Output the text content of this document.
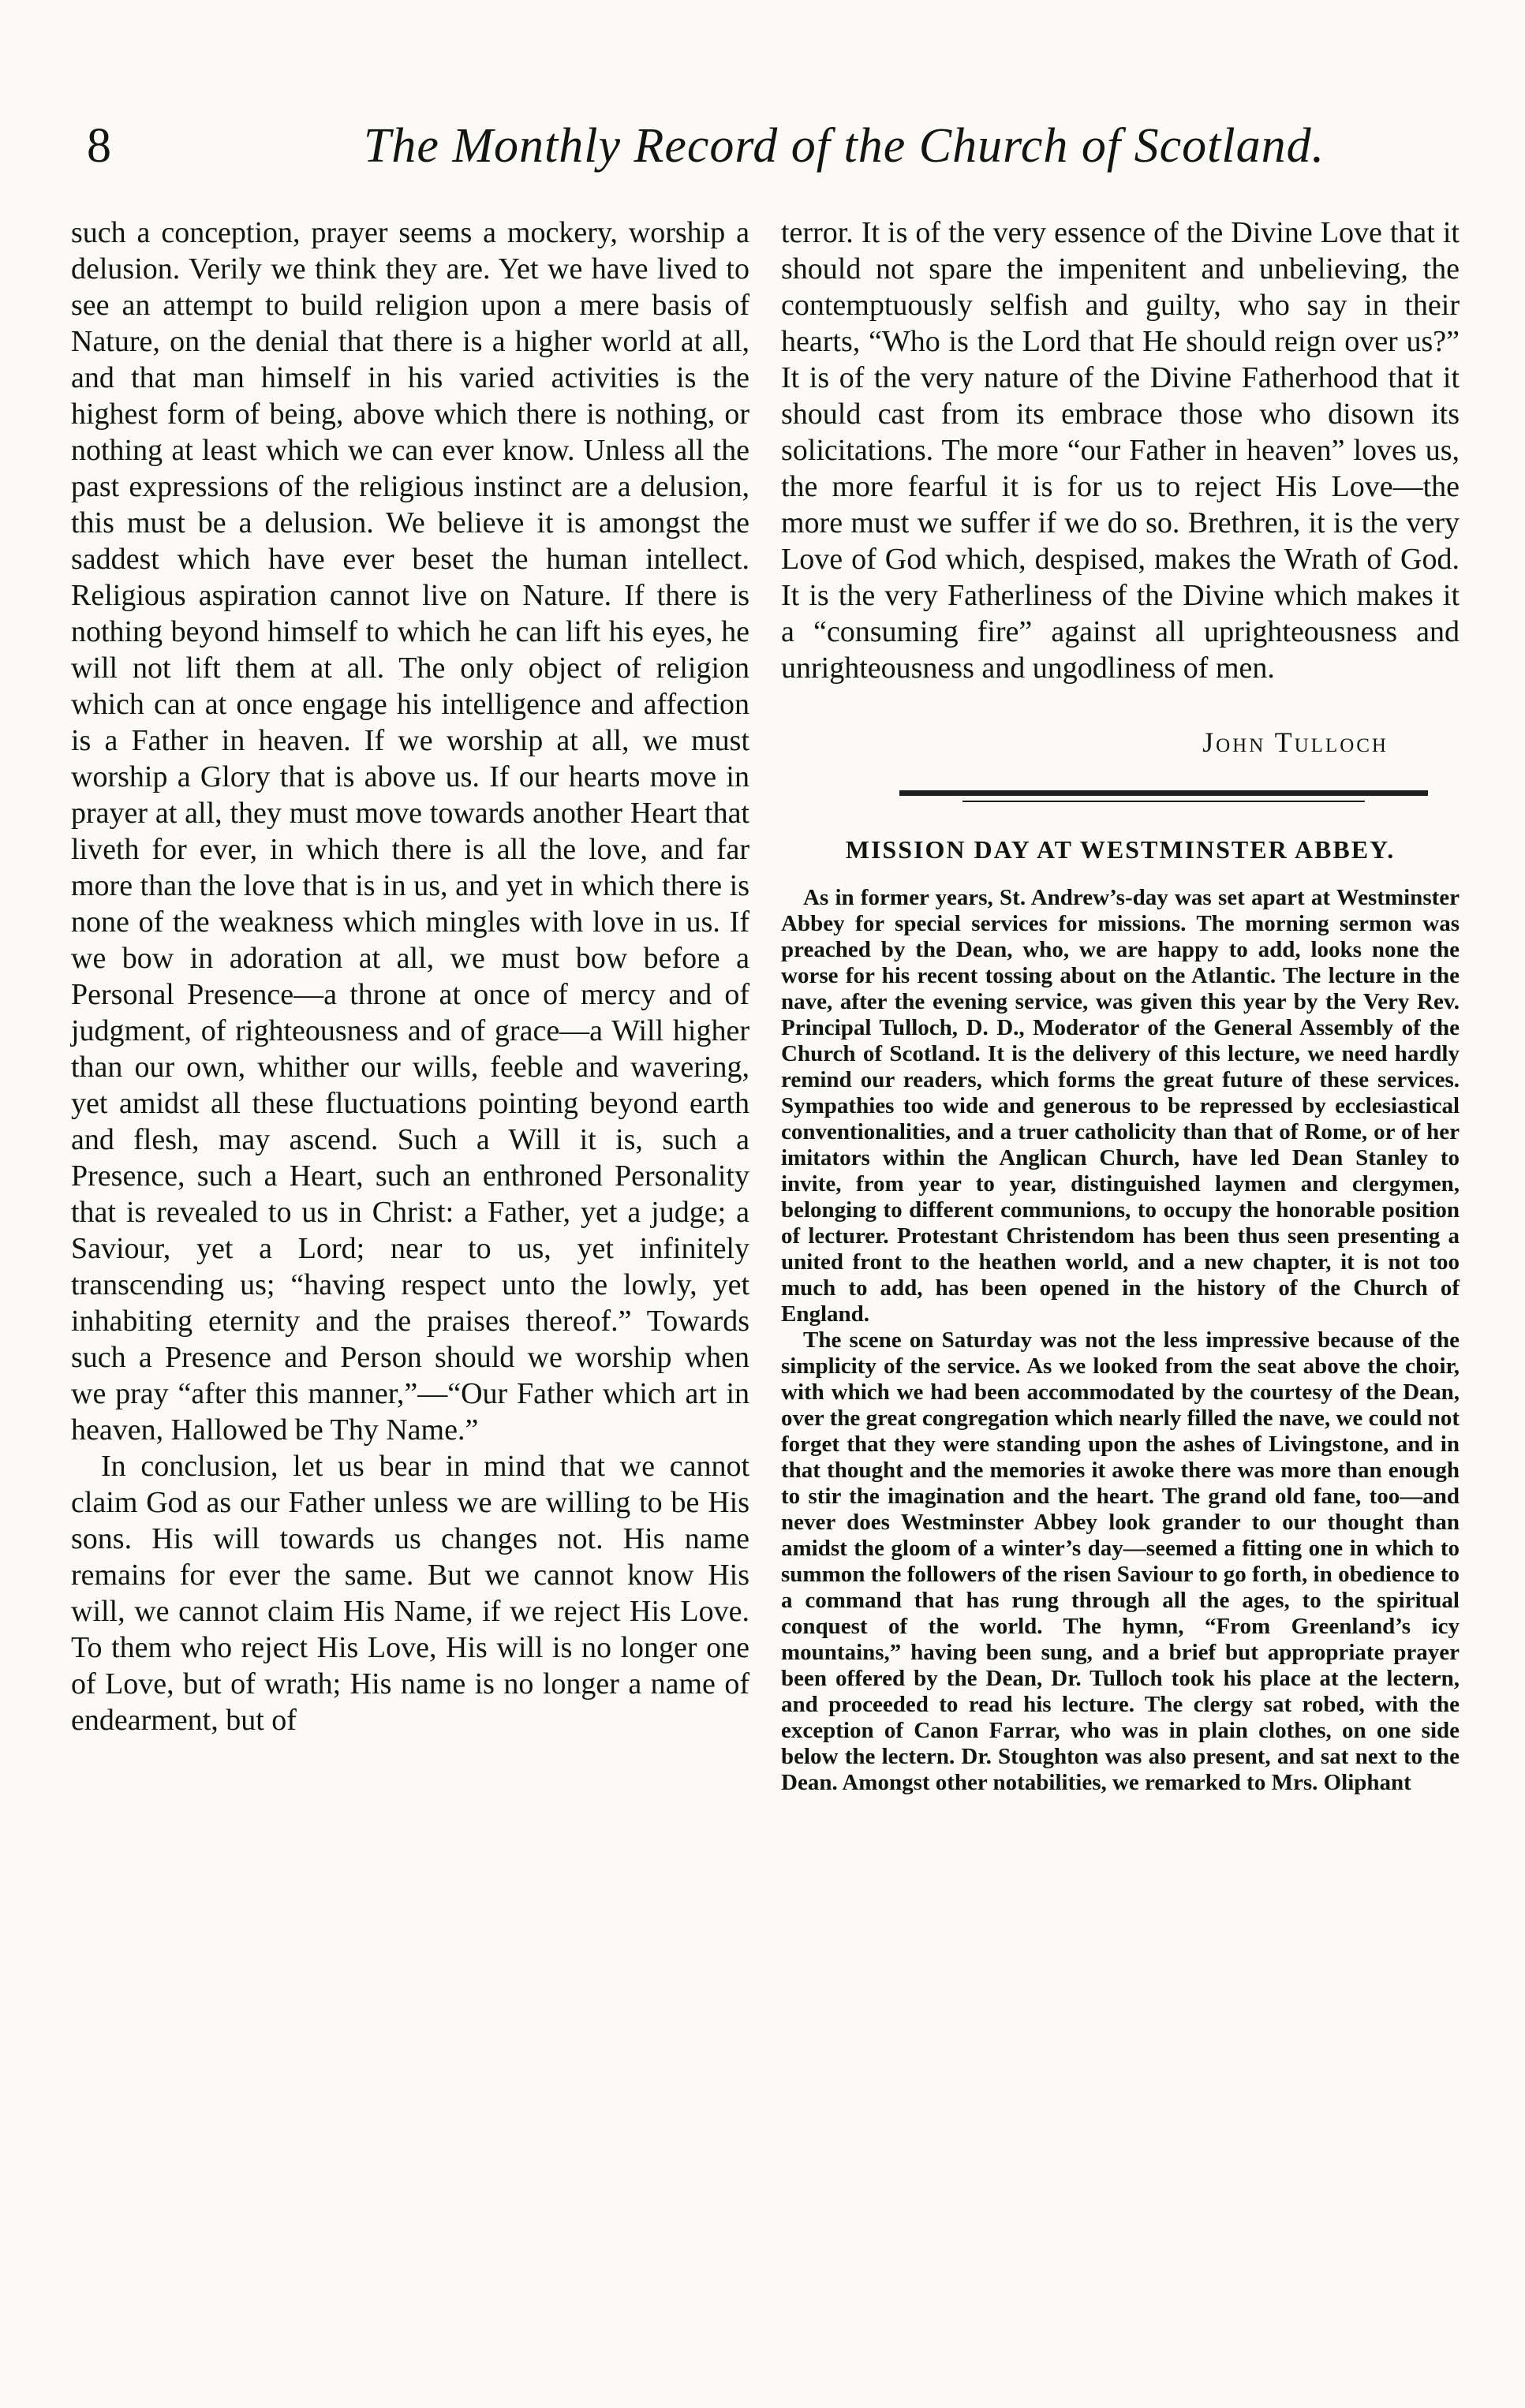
8	The Monthly Record of the Church of Scotland.

such a conception, prayer seems a mockery, worship a delusion. Verily we think they are. Yet we have lived to see an attempt to build religion upon a mere basis of Nature, on the denial that there is a higher world at all, and that man himself in his varied activities is the highest form of being, above which there is nothing, or nothing at least which we can ever know. Unless all the past expressions of the religious instinct are a delusion, this must be a delusion. We believe it is amongst the saddest which have ever beset the human intellect. Religious aspiration cannot live on Nature. If there is nothing beyond himself to which he can lift his eyes, he will not lift them at all. The only object of religion which can at once engage his intelligence and affection is a Father in heaven. If we worship at all, we must worship a Glory that is above us. If our hearts move in prayer at all, they must move towards another Heart that liveth for ever, in which there is all the love, and far more than the love that is in us, and yet in which there is none of the weakness which mingles with love in us. If we bow in adoration at all, we must bow before a Personal Presence—a throne at once of mercy and of judgment, of righteousness and of grace—a Will higher than our own, whither our wills, feeble and wavering, yet amidst all these fluctuations pointing beyond earth and flesh, may ascend. Such a Will it is, such a Presence, such a Heart, such an enthroned Personality that is revealed to us in Christ: a Father, yet a judge; a Saviour, yet a Lord; near to us, yet infinitely transcending us; “having respect unto the lowly, yet inhabiting eternity and the praises thereof.” Towards such a Presence and Person should we worship when we pray “after this manner,”—“Our Father which art in heaven, Hallowed be Thy Name.”

In conclusion, let us bear in mind that we cannot claim God as our Father unless we are willing to be His sons. His will towards us changes not. His name remains for ever the same. But we cannot know His will, we cannot claim His Name, if we reject His Love. To them who reject His Love, His will is no longer one of Love, but of wrath; His name is no longer a name of endearment, but of

terror. It is of the very essence of the Divine Love that it should not spare the impenitent and unbelieving, the contemptuously selfish and guilty, who say in their hearts, “Who is the Lord that He should reign over us?” It is of the very nature of the Divine Fatherhood that it should cast from its embrace those who disown its solicitations. The more “our Father in heaven” loves us, the more fearful it is for us to reject His Love—the more must we suffer if we do so. Brethren, it is the very Love of God which, despised, makes the Wrath of God. It is the very Fatherliness of the Divine which makes it a “consuming fire” against all uprighteousness and unrighteousness and ungodliness of men.

John Tulloch
MISSION DAY AT WESTMINSTER ABBEY.

As in former years, St. Andrew’s-day was set apart at Westminster Abbey for special services for missions. The morning sermon was preached by the Dean, who, we are happy to add, looks none the worse for his recent tossing about on the Atlantic. The lecture in the nave, after the evening service, was given this year by the Very Rev. Principal Tulloch, D. D., Moderator of the General Assembly of the Church of Scotland. It is the delivery of this lecture, we need hardly remind our readers, which forms the great future of these services. Sympathies too wide and generous to be repressed by ecclesiastical conventionalities, and a truer catholicity than that of Rome, or of her imitators within the Anglican Church, have led Dean Stanley to invite, from year to year, distinguished laymen and clergymen, belonging to different communions, to occupy the honorable position of lecturer. Protestant Christendom has been thus seen presenting a united front to the heathen world, and a new chapter, it is not too much to add, has been opened in the history of the Church of England.

The scene on Saturday was not the less impressive because of the simplicity of the service. As we looked from the seat above the choir, with which we had been accommodated by the courtesy of the Dean, over the great congregation which nearly filled the nave, we could not forget that they were standing upon the ashes of Livingstone, and in that thought and the memories it awoke there was more than enough to stir the imagination and the heart. The grand old fane, too—and never does Westminster Abbey look grander to our thought than amidst the gloom of a winter’s day—seemed a fitting one in which to summon the followers of the risen Saviour to go forth, in obedience to a command that has rung through all the ages, to the spiritual conquest of the world. The hymn, “From Greenland’s icy mountains,” having been sung, and a brief but appropriate prayer been offered by the Dean, Dr. Tulloch took his place at the lectern, and proceeded to read his lecture. The clergy sat robed, with the exception of Canon Farrar, who was in plain clothes, on one side below the lectern. Dr. Stoughton was also present, and sat next to the Dean. Amongst other notabilities, we remarked to Mrs. Oliphant
